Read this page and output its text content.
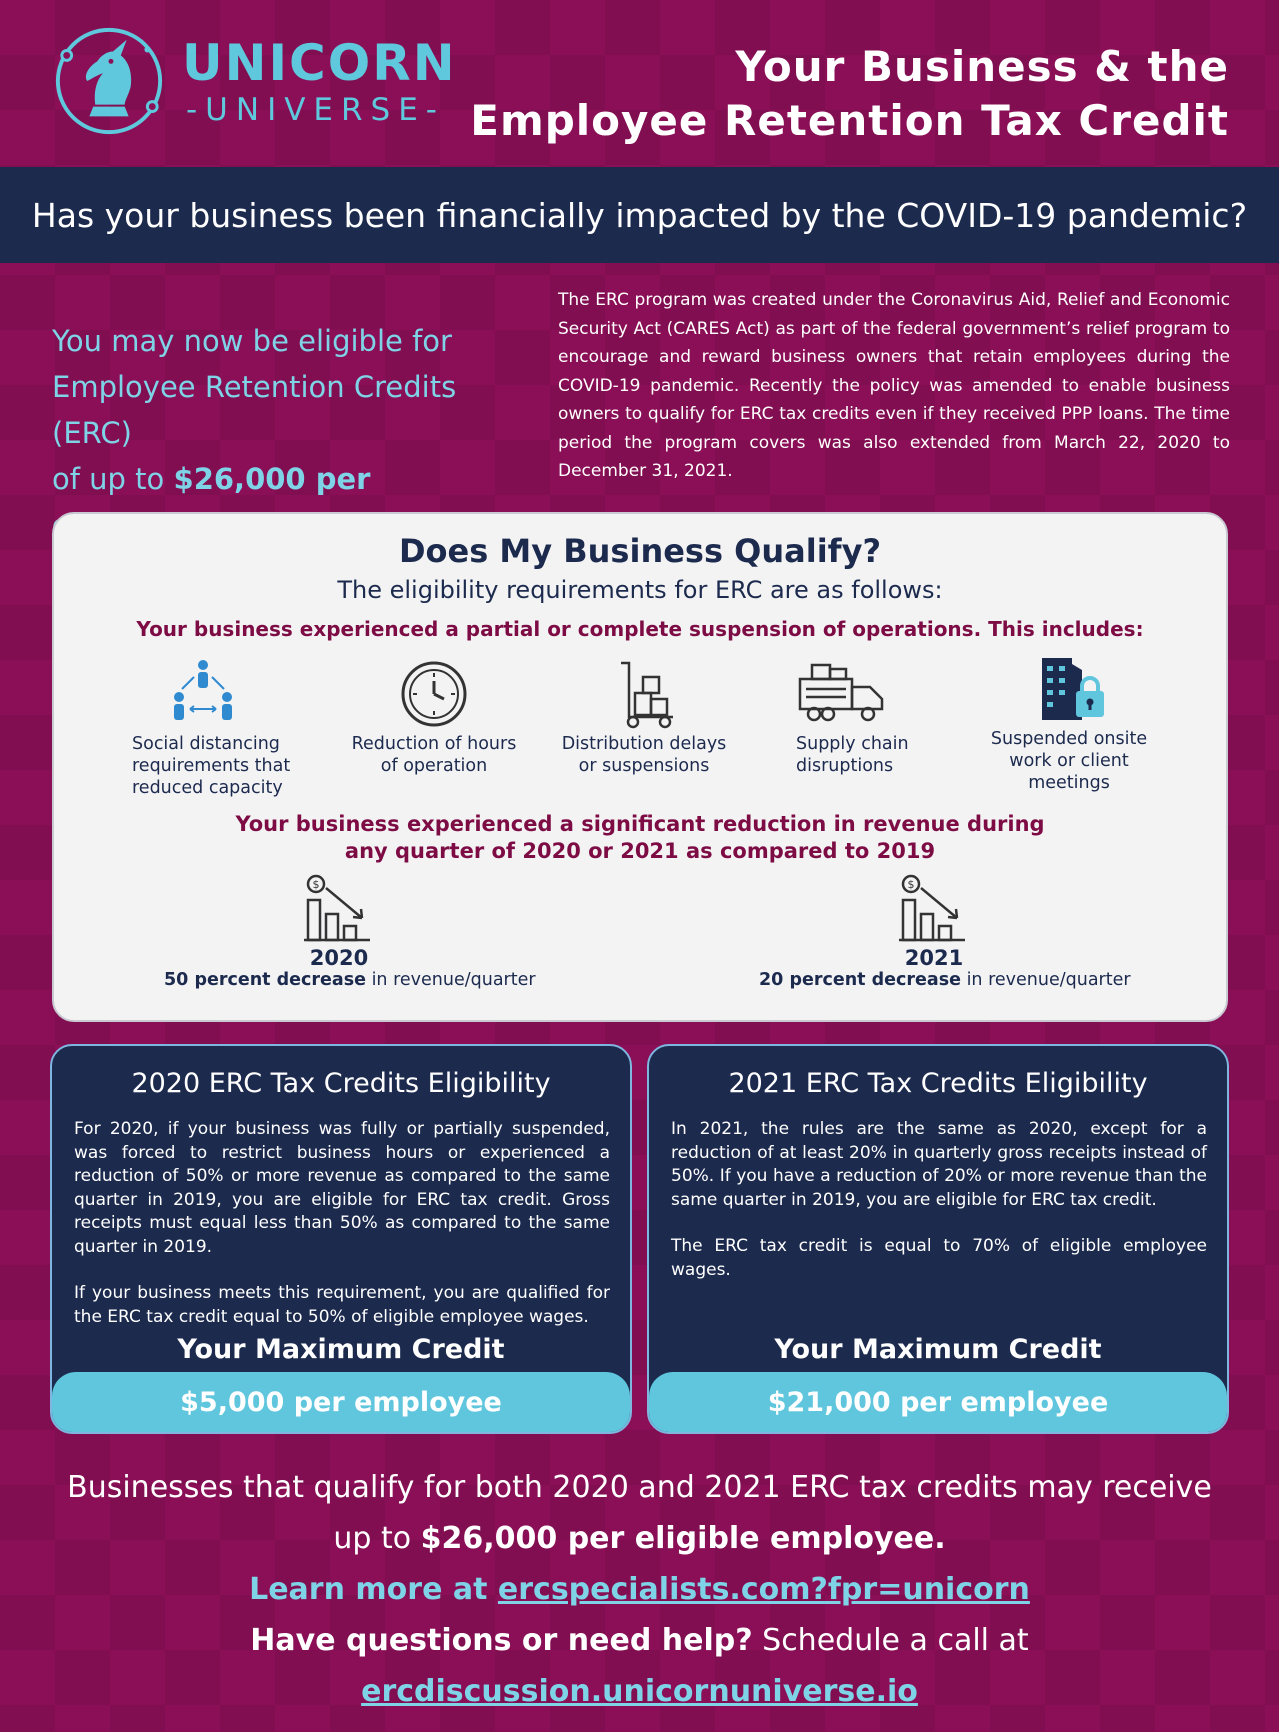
UNICORN
-UNIVERSE-
Your Business & the
Employee Retention Tax Credit
Has your business been financially impacted by the COVID-19 pandemic?
You may now be eligible for
Employee Retention Credits (ERC)
of up to $26,000 per
The ERC program was created under the Coronavirus Aid, Relief and Economic Security Act (CARES Act) as part of the federal government’s relief program to encourage and reward business owners that retain employees during the COVID-19 pandemic. Recently the policy was amended to enable business owners to qualify for ERC tax credits even if they received PPP loans. The time period the program covers was also extended from March 22, 2020 to December 31, 2021.
Does My Business Qualify?
The eligibility requirements for ERC are as follows:
Your business experienced a partial or complete suspension of operations. This includes:
Social distancing requirements that reduced capacity
Reduction of hours of operation
Distribution delays or suspensions
Supply chain disruptions
Suspended onsite work or client meetings
Your business experienced a significant reduction in revenue during
any quarter of 2020 or 2021 as compared to 2019
$
2020
50 percent decrease in revenue/quarter
$
2021
20 percent decrease in revenue/quarter
2020 ERC Tax Credits Eligibility

For 2020, if your business was fully or partially suspended, was forced to restrict business hours or experienced a reduction of 50% or more revenue as compared to the same quarter in 2019, you are eligible for ERC tax credit. Gross receipts must equal less than 50% as compared to the same quarter in 2019.

If your business meets this requirement, you are qualified for the ERC tax credit equal to 50% of eligible employee wages.

Your Maximum Credit
$5,000 per employee
2021 ERC Tax Credits Eligibility

In 2021, the rules are the same as 2020, except for a reduction of at least 20% in quarterly gross receipts instead of 50%. If you have a reduction of 20% or more revenue than the same quarter in 2019, you are eligible for ERC tax credit.

The ERC tax credit is equal to 70% of eligible employee wages.

Your Maximum Credit
$21,000 per employee
Businesses that qualify for both 2020 and 2021 ERC tax credits may receive
up to $26,000 per eligible employee.
Learn more at ercspecialists.com?fpr=unicorn
Have questions or need help? Schedule a call at
ercdiscussion.unicornuniverse.io
